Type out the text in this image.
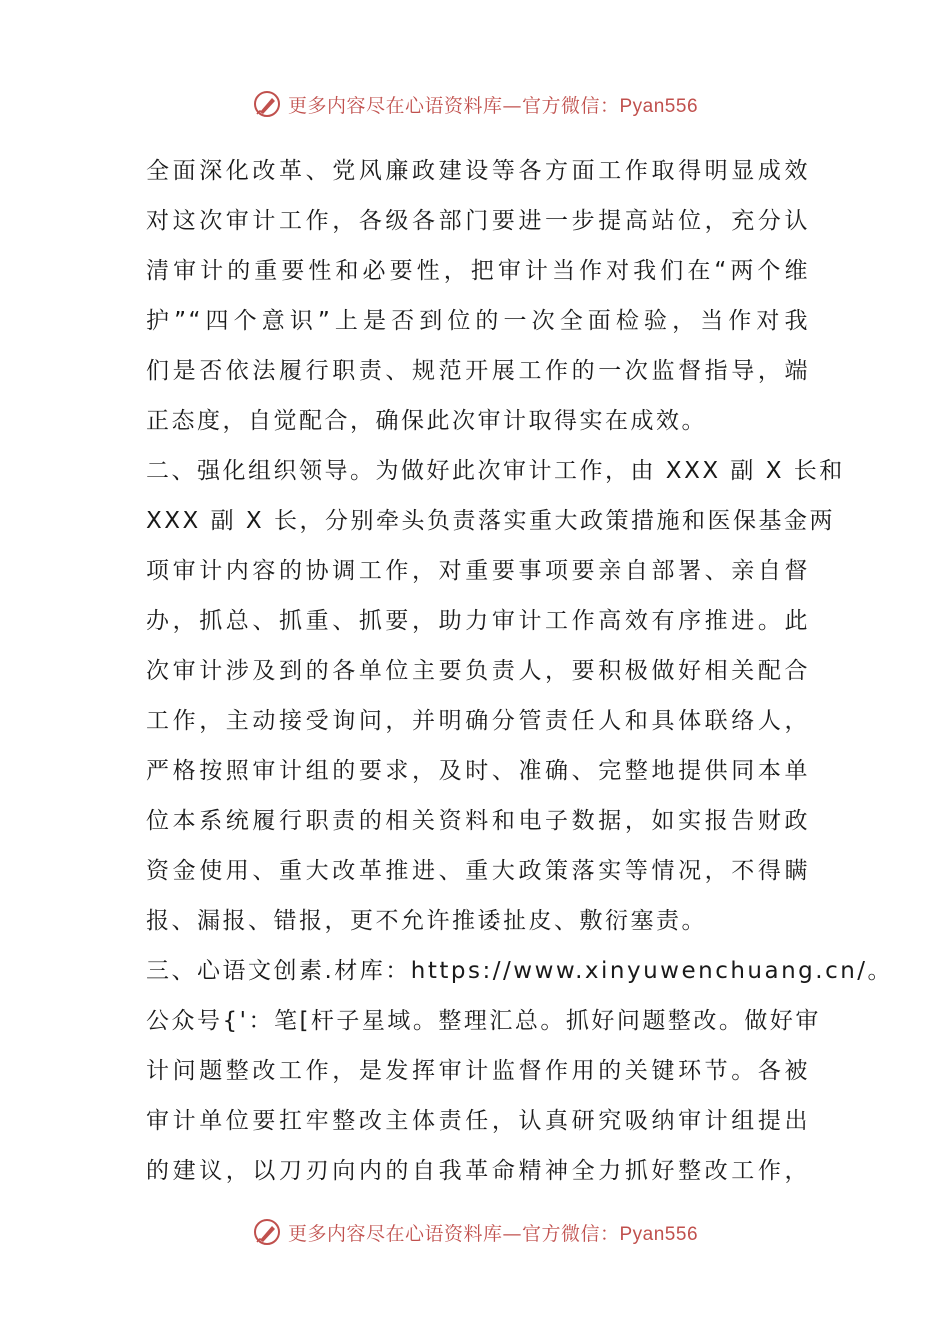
更多内容尽在心语资料库—官方微信：Pyan556
全面深化改革、党风廉政建设等各方面工作取得明显成效
对这次审计工作，各级各部门要进一步提高站位，充分认
清审计的重要性和必要性，把审计当作对我们在“两个维
护”“四个意识”上是否到位的一次全面检验，当作对我
们是否依法履行职责、规范开展工作的一次监督指导，端
正态度，自觉配合，确保此次审计取得实在成效。
二、强化组织领导。为做好此次审计工作，由 XXX 副 X 长和
XXX 副 X 长，分别牵头负责落实重大政策措施和医保基金两
项审计内容的协调工作，对重要事项要亲自部署、亲自督
办，抓总、抓重、抓要，助力审计工作高效有序推进。此
次审计涉及到的各单位主要负责人，要积极做好相关配合
工作，主动接受询问，并明确分管责任人和具体联络人，
严格按照审计组的要求，及时、准确、完整地提供同本单
位本系统履行职责的相关资料和电子数据，如实报告财政
资金使用、重大改革推进、重大政策落实等情况，不得瞒
报、漏报、错报，更不允许推诿扯皮、敷衍塞责。
三、心语文创素.材库：https://www.xinyuwenchuang.cn/。
公众号{'：笔[杆子星域。整理汇总。抓好问题整改。做好审
计问题整改工作，是发挥审计监督作用的关键环节。各被
审计单位要扛牢整改主体责任，认真研究吸纳审计组提出
的建议，以刀刃向内的自我革命精神全力抓好整改工作，
更多内容尽在心语资料库—官方微信：Pyan556
